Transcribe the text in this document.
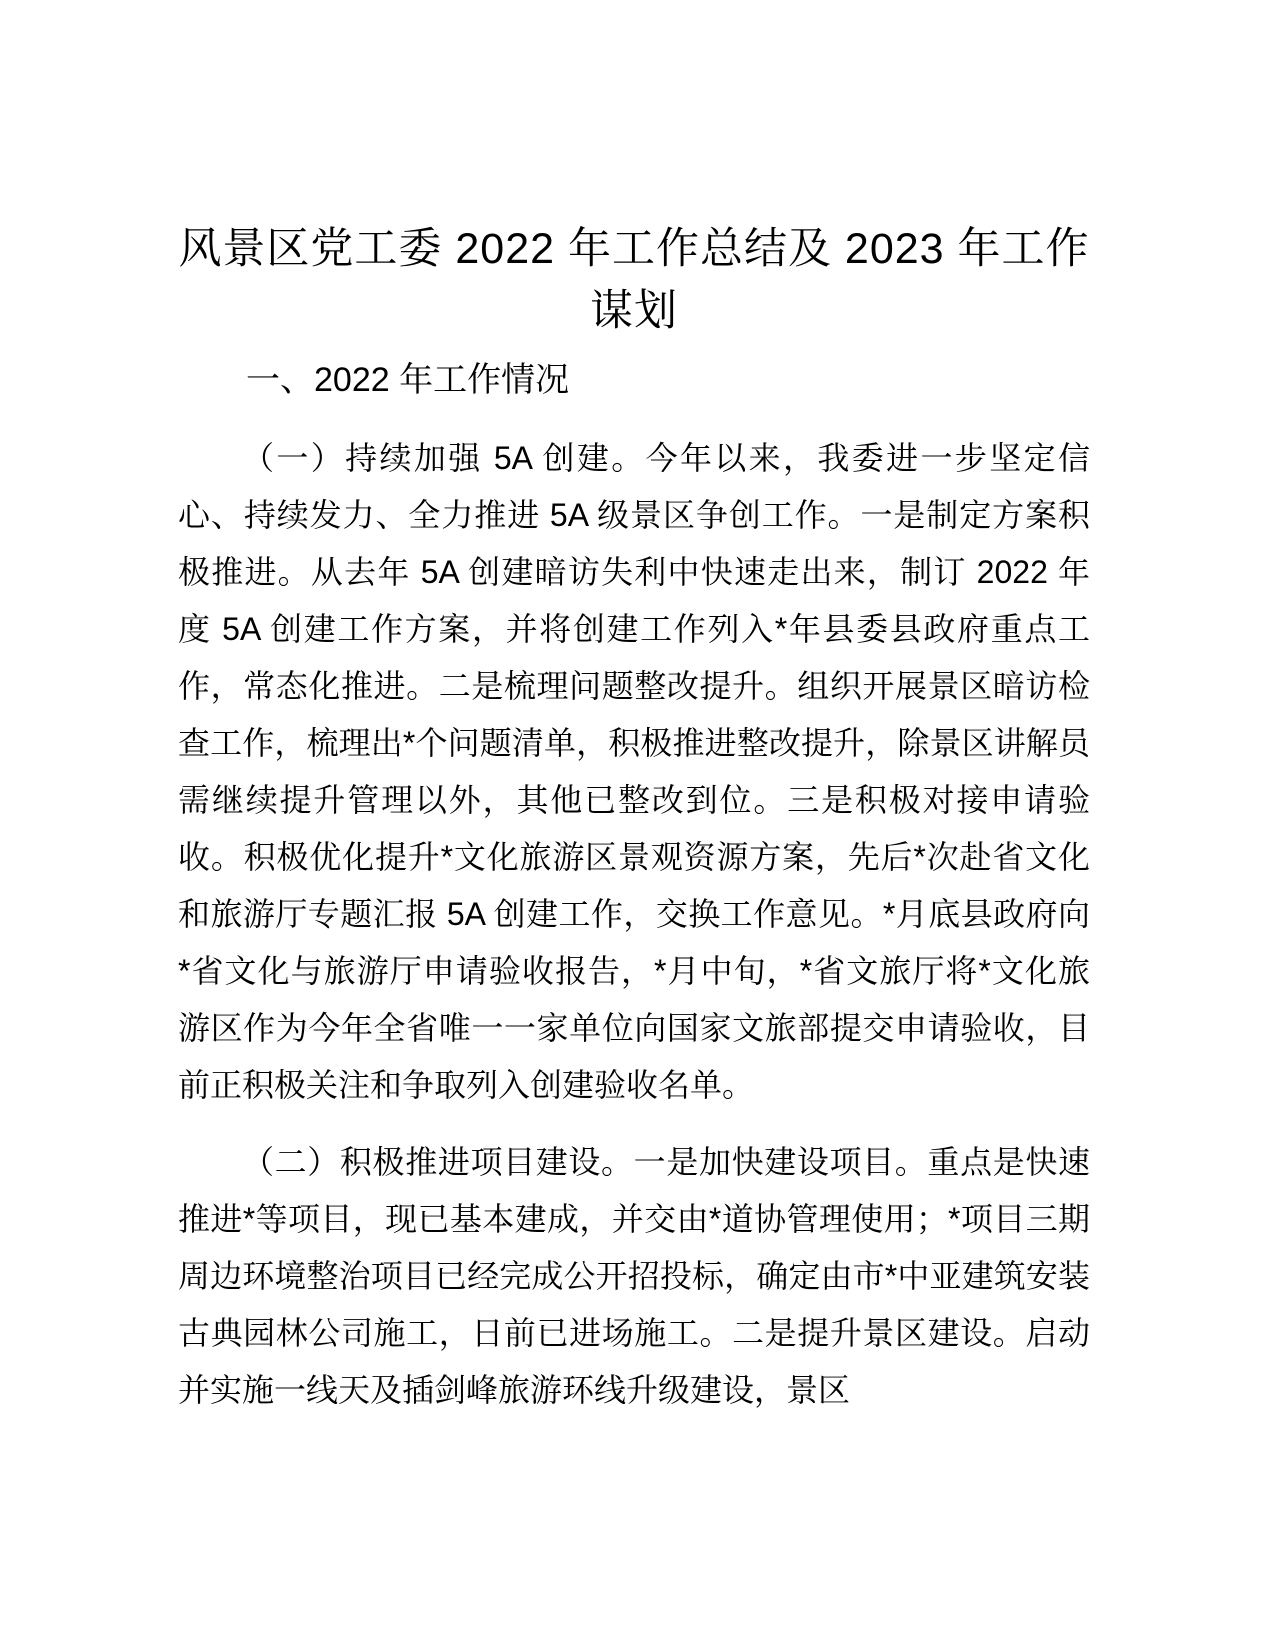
风景区党工委 2022 年工作总结及 2023 年工作
谋划
一、2022 年工作情况

（一）持续加强 5A 创建。今年以来，我委进一步坚定信心、持续发力、全力推进 5A 级景区争创工作。一是制定方案积极推进。从去年 5A 创建暗访失利中快速走出来，制订 2022 年度 5A 创建工作方案，并将创建工作列入*年县委县政府重点工作，常态化推进。二是梳理问题整改提升。组织开展景区暗访检查工作，梳理出*个问题清单，积极推进整改提升，除景区讲解员需继续提升管理以外，其他已整改到位。三是积极对接申请验收。积极优化提升*文化旅游区景观资源方案，先后*次赴省文化和旅游厅专题汇报 5A 创建工作，交换工作意见。*月底县政府向*省文化与旅游厅申请验收报告，*月中旬，*省文旅厅将*文化旅游区作为今年全省唯一一家单位向国家文旅部提交申请验收，目前正积极关注和争取列入创建验收名单。

（二）积极推进项目建设。一是加快建设项目。重点是快速推进*等项目，现已基本建成，并交由*道协管理使用；*项目三期周边环境整治项目已经完成公开招投标，确定由市*中亚建筑安装古典园林公司施工，日前已进场施工。二是提升景区建设。启动并实施一线天及插剑峰旅游环线升级建设，景区
